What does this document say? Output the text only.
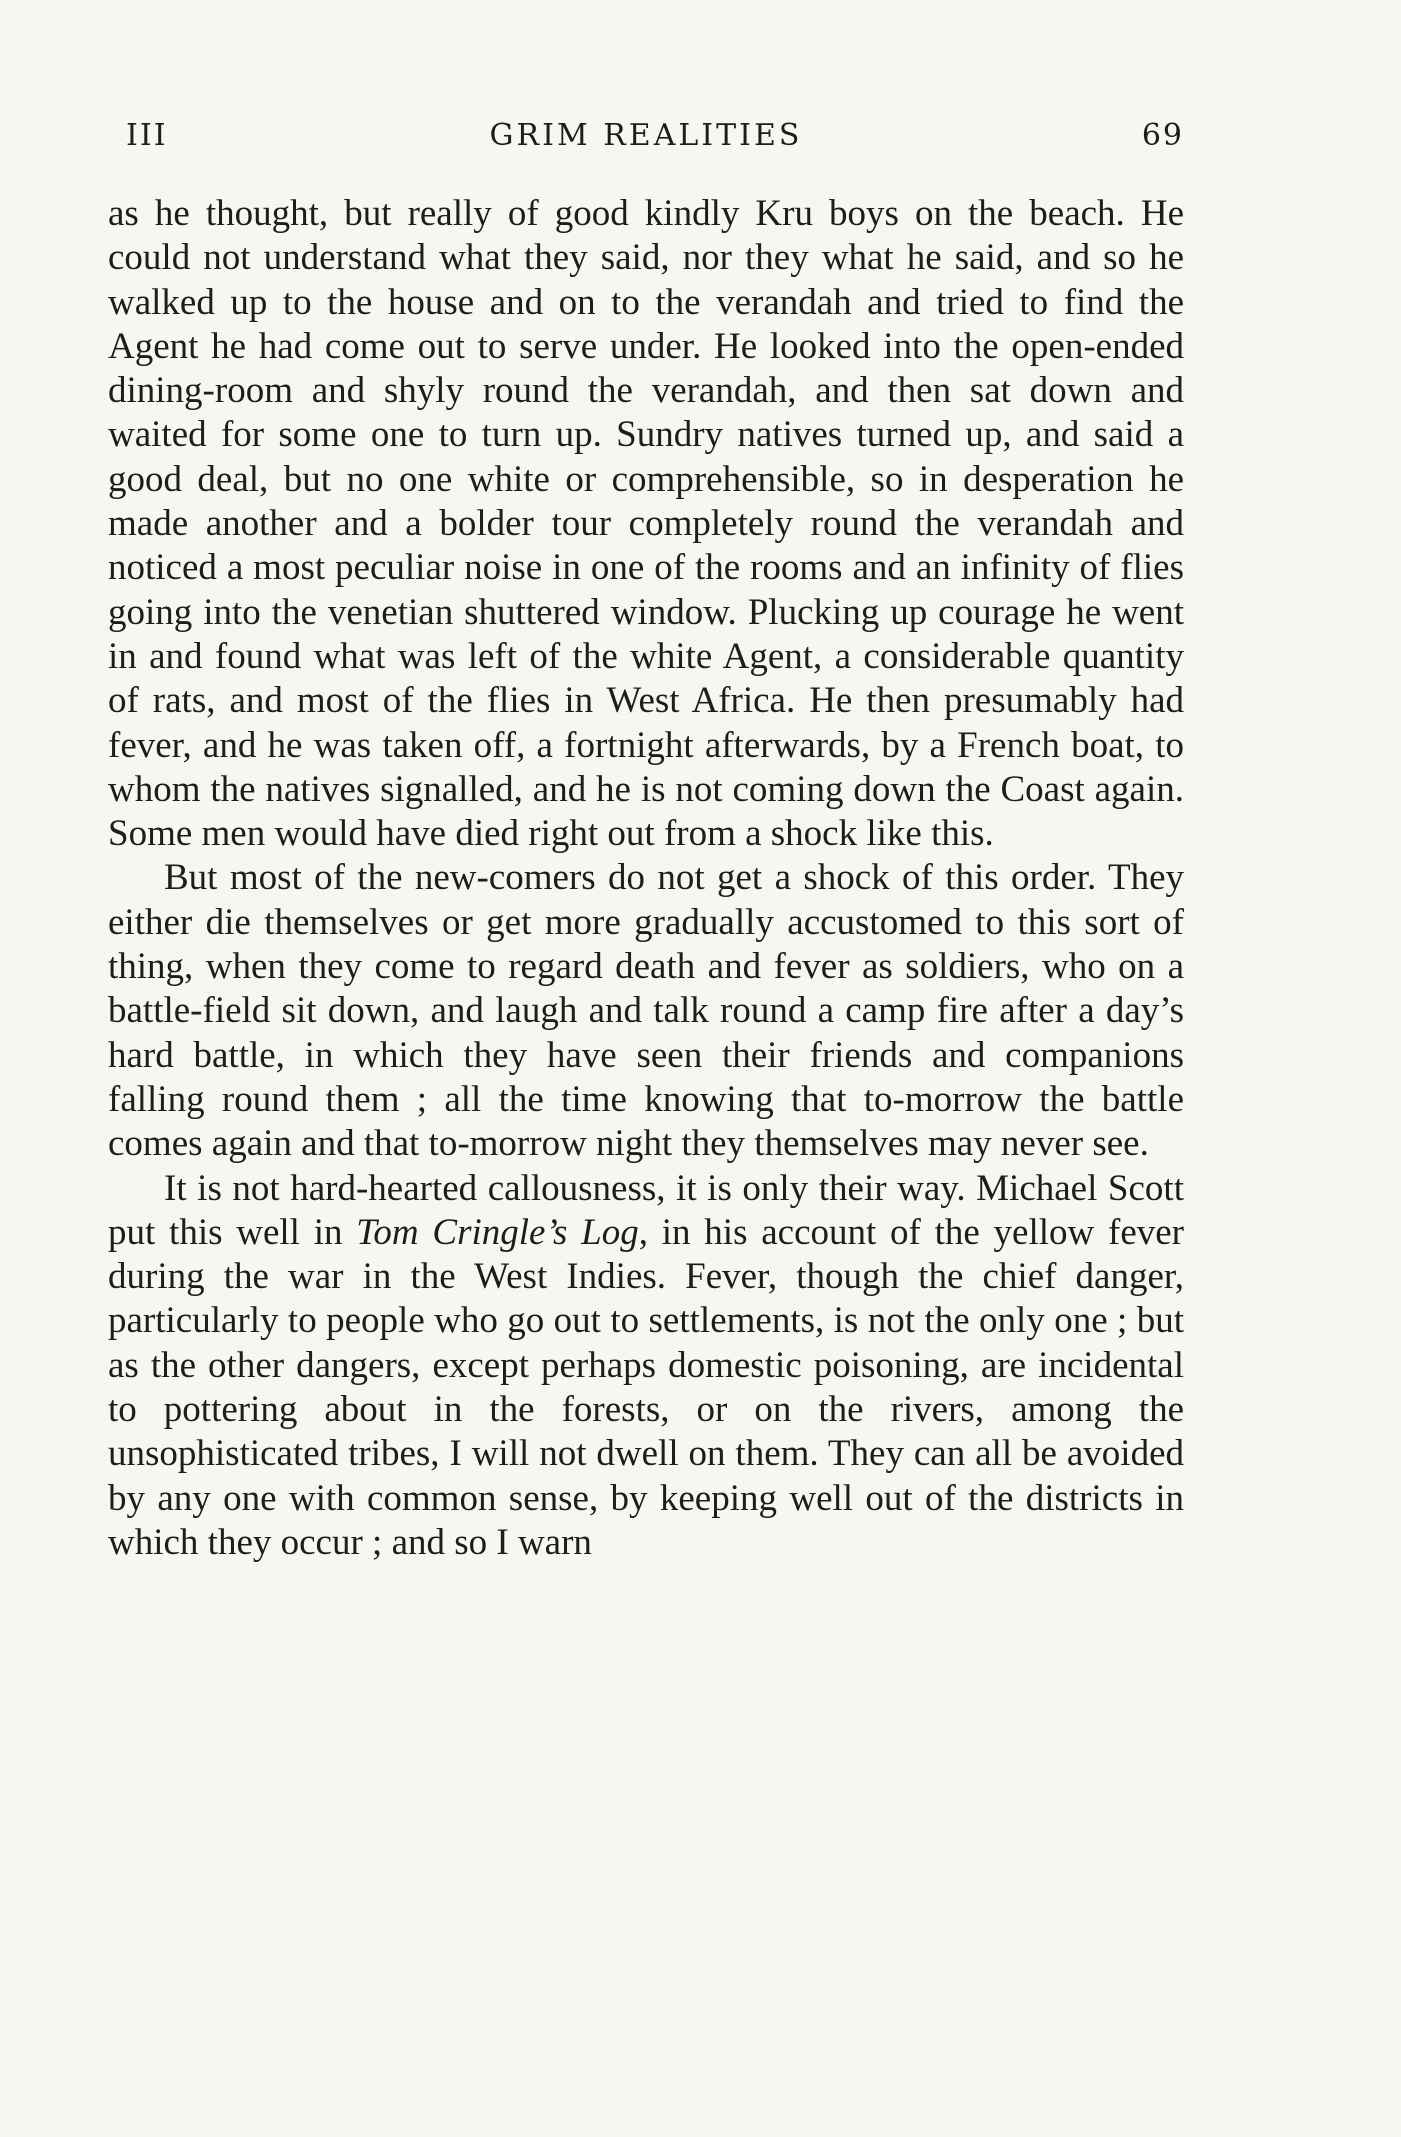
III	GRIM REALITIES	69

as he thought, but really of good kindly Kru boys on the beach. He could not understand what they said, nor they what he said, and so he walked up to the house and on to the verandah and tried to find the Agent he had come out to serve under. He looked into the open-ended dining-room and shyly round the verandah, and then sat down and waited for some one to turn up. Sundry natives turned up, and said a good deal, but no one white or comprehensible, so in desperation he made another and a bolder tour completely round the verandah and noticed a most peculiar noise in one of the rooms and an infinity of flies going into the venetian shuttered window. Plucking up courage he went in and found what was left of the white Agent, a considerable quantity of rats, and most of the flies in West Africa. He then presumably had fever, and he was taken off, a fortnight afterwards, by a French boat, to whom the natives signalled, and he is not coming down the Coast again. Some men would have died right out from a shock like this.

But most of the new-comers do not get a shock of this order. They either die themselves or get more gradually accustomed to this sort of thing, when they come to regard death and fever as soldiers, who on a battle-field sit down, and laugh and talk round a camp fire after a day’s hard battle, in which they have seen their friends and companions falling round them ; all the time knowing that to-morrow the battle comes again and that to-morrow night they themselves may never see.

It is not hard-hearted callousness, it is only their way. Michael Scott put this well in Tom Cringle’s Log, in his account of the yellow fever during the war in the West Indies. Fever, though the chief danger, particularly to people who go out to settlements, is not the only one ; but as the other dangers, except perhaps domestic poisoning, are incidental to pottering about in the forests, or on the rivers, among the unsophisticated tribes, I will not dwell on them. They can all be avoided by any one with common sense, by keeping well out of the districts in which they occur ; and so I warn
